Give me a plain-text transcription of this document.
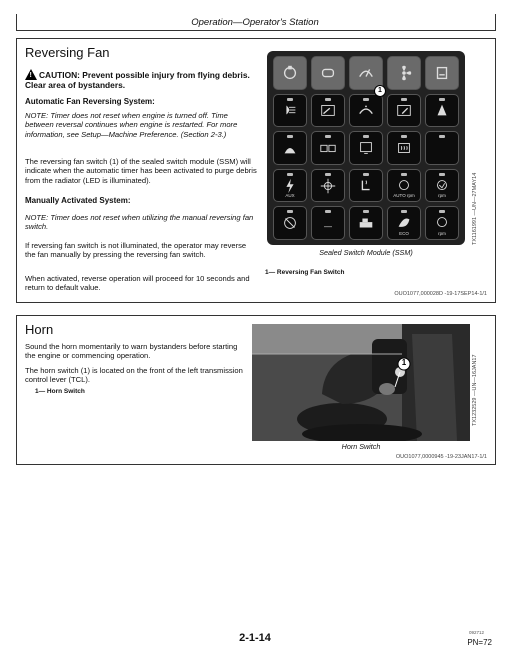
Operation—Operator's Station
Reversing Fan
!CAUTION: Prevent possible injury from flying debris. Clear area of bystanders.
Automatic Fan Reversing System:
NOTE: Timer does not reset when engine is turned off. Time between reversal continues when engine is restarted. For more information, see Setup—Machine Preference. (Section 2-3.)
The reversing fan switch (1) of the sealed switch module (SSM) will indicate when the automatic timer has been activated to purge debris from the radiator (LED is illuminated).
Manually Activated System:
NOTE: Timer does not reset when utilizing the manual reversing fan switch.
If reversing fan switch is not illuminated, the operator may reverse the fan manually by pressing the reversing fan switch.
When activated, reverse operation will proceed for 10 seconds and return to default value.
AUX	AUTO rpm	rpm
—
ECO	rpm
1
TX1161991 —UN—27MAY14
Sealed Switch Module (SSM)
1— Reversing Fan Switch
OUO1077,000028D -19-17SEP14-1/1
Horn
Sound the horn momentarily to warn bystanders before starting the engine or commencing operation.
The horn switch (1) is located on the front of the left transmission control lever (TCL).
1— Horn Switch
1	TX1232529 —UN—16JAN17
Horn Switch
OUO1077,0000945 -19-23JAN17-1/1
2-1-14	092712
PN=72
